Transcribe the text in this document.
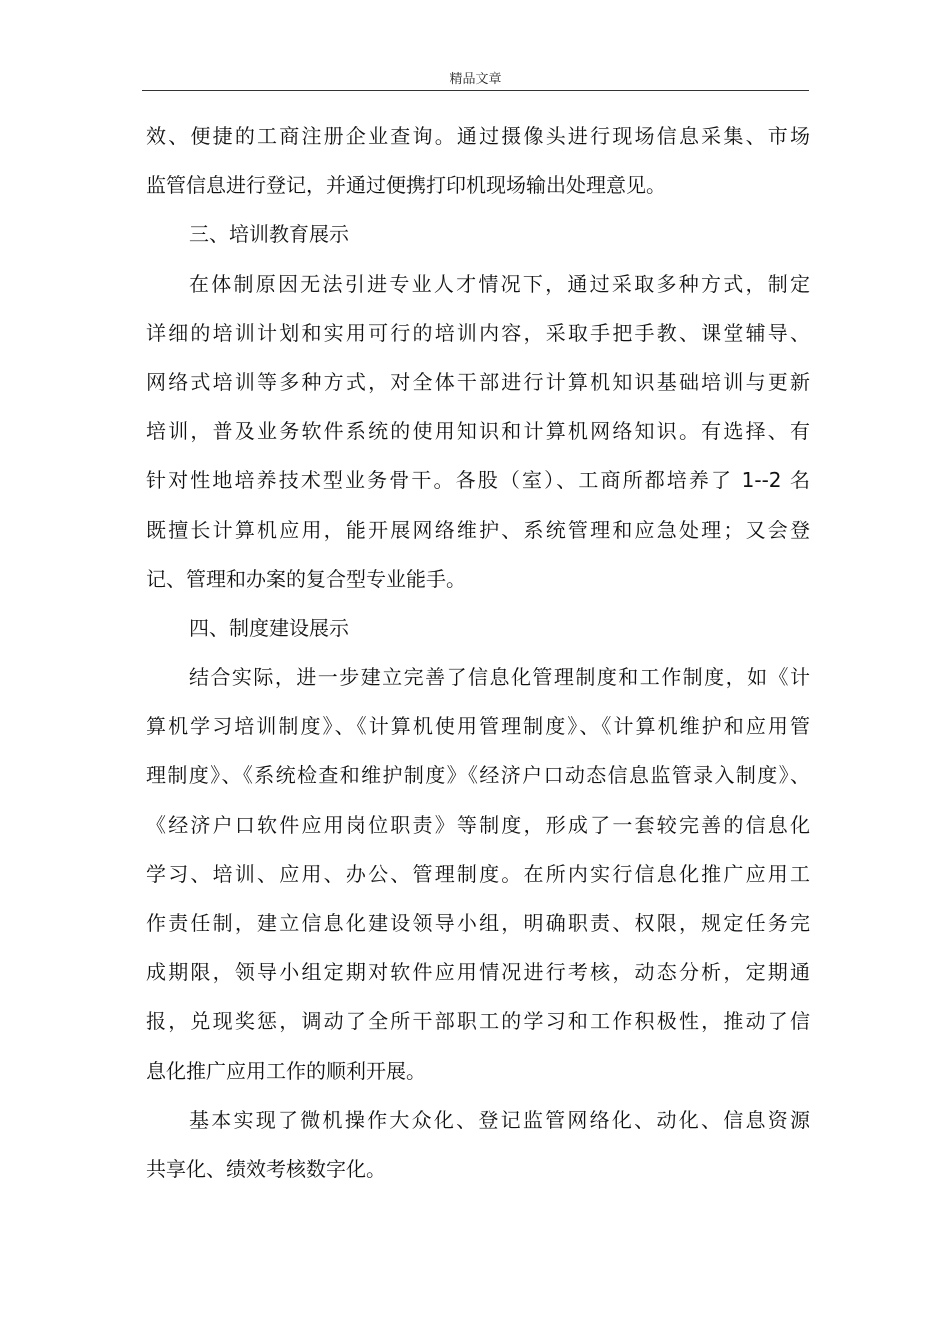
精品文章
效、便捷的工商注册企业查询。通过摄像头进行现场信息采集、市场
监管信息进行登记，并通过便携打印机现场输出处理意见。
三、培训教育展示
在体制原因无法引进专业人才情况下，通过采取多种方式，制定
详细的培训计划和实用可行的培训内容，采取手把手教、课堂辅导、
网络式培训等多种方式，对全体干部进行计算机知识基础培训与更新
培训，普及业务软件系统的使用知识和计算机网络知识。有选择、有
针对性地培养技术型业务骨干。各股（室）、工商所都培养了 1--2 名
既擅长计算机应用，能开展网络维护、系统管理和应急处理；又会登
记、管理和办案的复合型专业能手。
四、制度建设展示
结合实际，进一步建立完善了信息化管理制度和工作制度，如《计
算机学习培训制度》、《计算机使用管理制度》、《计算机维护和应用管
理制度》、《系统检查和维护制度》《经济户口动态信息监管录入制度》、
《经济户口软件应用岗位职责》等制度，形成了一套较完善的信息化
学习、培训、应用、办公、管理制度。在所内实行信息化推广应用工
作责任制，建立信息化建设领导小组，明确职责、权限，规定任务完
成期限，领导小组定期对软件应用情况进行考核，动态分析，定期通
报，兑现奖惩，调动了全所干部职工的学习和工作积极性，推动了信
息化推广应用工作的顺利开展。
基本实现了微机操作大众化、登记监管网络化、动化、信息资源
共享化、绩效考核数字化。
